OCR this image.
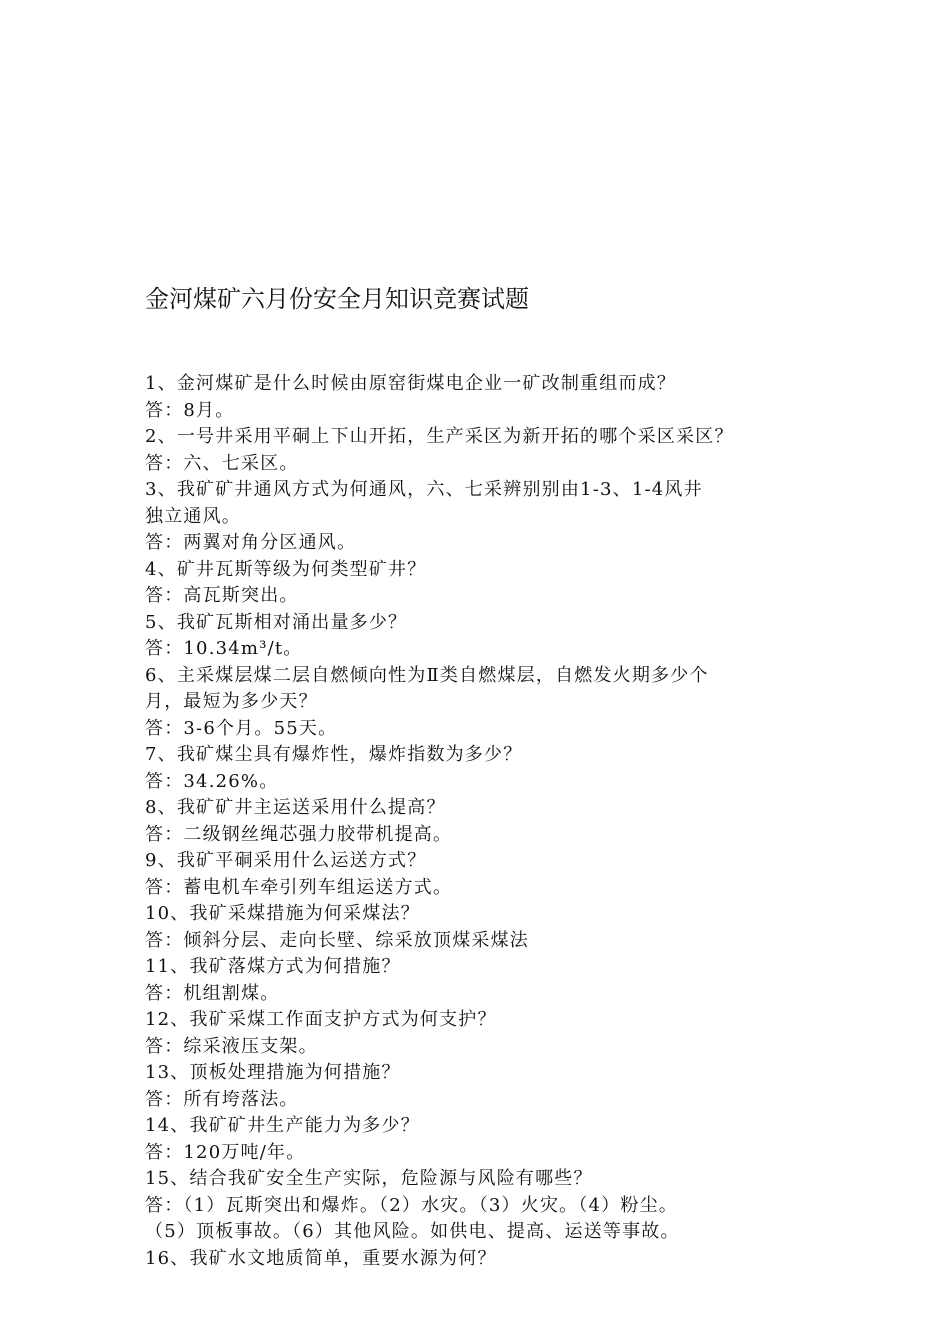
金河煤矿六月份安全月知识竞赛试题
1、金河煤矿是什么时候由原窑街煤电企业一矿改制重组而成？
答：8月。
2、一号井采用平硐上下山开拓，生产采区为新开拓的哪个采区采区？
答：六、七采区。
3、我矿矿井通风方式为何通风，六、七采辨别别由1-3、1-4风井
独立通风。
答：两翼对角分区通风。
4、矿井瓦斯等级为何类型矿井？
答：高瓦斯突出。
5、我矿瓦斯相对涌出量多少？
答：10.34m³/t。
6、主采煤层煤二层自燃倾向性为Ⅱ类自燃煤层，自燃发火期多少个
月，最短为多少天？
答：3-6个月。55天。
7、我矿煤尘具有爆炸性，爆炸指数为多少？
答：34.26%。
8、我矿矿井主运送采用什么提高？
答：二级钢丝绳芯强力胶带机提高。
9、我矿平硐采用什么运送方式？
答：蓄电机车牵引列车组运送方式。
10、我矿采煤措施为何采煤法？
答：倾斜分层、走向长壁、综采放顶煤采煤法
11、我矿落煤方式为何措施？
答：机组割煤。
12、我矿采煤工作面支护方式为何支护？
答：综采液压支架。
13、顶板处理措施为何措施？
答：所有垮落法。
14、我矿矿井生产能力为多少？
答：120万吨/年。
15、结合我矿安全生产实际，危险源与风险有哪些？
答：（1）瓦斯突出和爆炸。（2）水灾。（3）火灾。（4）粉尘。
（5）顶板事故。（6）其他风险。如供电、提高、运送等事故。
16、我矿水文地质简单，重要水源为何？
